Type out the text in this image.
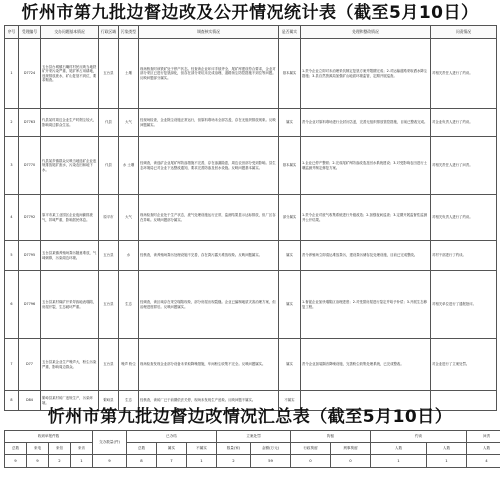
忻州市第九批边督边改及公开情况统计表（截至5月10日）
序号	受理编号	交办问题基本情况	行政区域	污染类型	调查核实情况	是否属实	处理和整改情况	问责情况
1	D7724	五台县台城镇石嘴村村民反映当地铁矿开采污染严重，尾矿库占用耕地，违规排放废水，矿山复垦不到位，要求彻查。	五台县	土壤	现场核查时该铁矿处于停产状态。经查该企业环评手续齐全，尾矿库建设符合要求，企业对部分采区已进行复垦绿化，但存在部分采坑未完成治理、道路扬尘防控措施不到位等问题。反映问题部分属实。	基本属实	1.责令企业立即对未治理采坑制定复垦方案并限期完成；2.对运输道路采取洒水降尘措施；3.县自然资源局加强矿山地质环境监管，定期开展巡查。	对相关责任人进行了约谈。
2	D7763	代县某村周边企业生产时烟尘较大，影响周边群众生活。	代县	大气	经现场检查，企业除尘设施正常运行，但原料堆场未全部苫盖，存在无组织排放现象。反映问题属实。	属实	责令企业对原料堆场进行全封闭苫盖，完善无组织排放管控措施，目前已整改完成。	对企业负责人进行了约谈。
3	D7770	代县某乡镇群众反映当地选矿企业违规排放尾矿废水，污染农田和地下水。	代县	水 土壤	经调查，该选矿企业尾矿库防渗措施不完善，存在渗漏隐患，周边农田部分受到影响。县生态环境局已对企业下达整改通知，要求完善防渗及回水设施。反映问题基本属实。	基本属实	1.企业已停产整顿；2.完成尾矿库防渗改造及回水系统建设；3.对受影响农田进行土壤监测并制定修复方案。	对相关责任人进行了问责。
4	D7792	原平市某工业园区企业夜间偷排废气，异味严重，影响居民休息。	原平市	大气	现场检查时企业处于生产状态，废气处理设施运行正常，监测结果显示达标排放，但厂区存在异味。反映问题部分属实。	部分属实	1.责令企业对废气收集系统进行升级改造；2.加强夜间巡查；3.定期开展监督性监测并公开结果。	对相关负责人进行了约谈。
5	D7795	五台县某镇养殖场粪污随意堆放，气味刺鼻，污染周边环境。	五台县	水	经核查，该养殖场粪污处理设施不完善，存在粪污露天堆放现象。反映问题属实。	属实	责令养殖场立即清运堆放粪污，建设粪污储存及处理设施，目前已完成整改。	对村干部进行了约谈。
6	D7796	五台县某村煤矿开采导致地表塌陷，房屋开裂，生态破坏严重。	五台县	生态	经调查，该区域存在采空塌陷现象，部分房屋出现裂缝。企业已编制地质灾害治理方案，但治理进度滞后。反映问题属实。	属实	1.督促企业加快塌陷区治理进度；2.对受损房屋进行鉴定并给予补偿；3.开展生态修复工程。	对相关单位进行了通报批评。
7	D77	五台县某企业生产噪声大，粉尘污染严重，影响周边群众。	五台县	噪声 粉尘	现场检查发现企业部分设备未采取降噪措施，车间粉尘收集不完全。反映问题属实。	属实	责令企业加装隔音降噪设施，完善粉尘收集处理系统，已完成整改。	对企业进行了立案处罚。
8	D84	繁峙县某村砖厂违规生产，污染环境。	繁峙县	生态	经核查，该砖厂已于前期依法关停，现场未发现生产迹象。反映问题不属实。	不属实		
忻州市第九批边督边改情况汇总表（截至5月10日）
收到举报件数				交办数量(件)	已办结			立案处罚		拘留		约谈		问责
总数	来电	来信	来访		总数	属实	不属实	数量(家)	金额(万元)	行政拘留	刑事拘留	人数	人数	人数
9	9	2	1	9	8	7	1	2	59	0	0	1	1	4
